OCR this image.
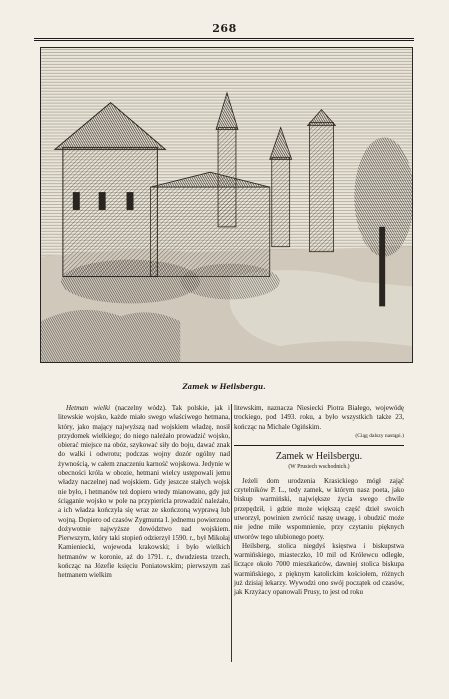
268
Zamek w Heilsbergu.

Hetman wielki (naczelny wódz). Tak polskie, jak i litewskie wojsko, każde miało swego właściwego hetmana, który, jako mający najwyższą nad wojskiem władzę, nosił przydomek wielkiego; do niego należało prowadzić wojsko, obierać miejsce na obóz, szykować siły do boju, dawać znak do walki i odwrotu; podczas wojny dozór ogólny nad żywnością, w całem znaczeniu karność wojskowa. Jedynie w obecności króla w obozie, hetmani wielcy ustępowali jemu władzy naczelnej nad wojskiem. Gdy jeszcze stałych wojsk nie było, i hetmanów też dopiero wtedy mianowano, gdy już ściąganie wojsko w pole na przypiericla prowadzić należało, a ich władza kończyła się wraz ze skończoną wyprawą lub wojną. Dopiero od czasów Zygmunta I. jednemu powierzono dożywotnie najwyższe dowództwo nad wojskiem. Pierwszym, który taki stopień odzierzył 1590. r., był Mikołaj Kamieniecki, wojewoda krakowski; i było wielkich hetmanów w koronie, aż do 1791. r., dwudziesta trzech, kończąc na Józefie księciu Poniatowskim; pierwszym zaś hetmanem wielkim

litewskim, naznacza Niesiecki Piotra Białego, wojewódę trockiego, pod 1493. roku, a było wszystkich także 23, kończąc na Michale Ogińskim.

(Ciąg dalszy nastąpi.)

Zamek w Heilsbergu.
(W Prusiech wschodnich.)

Jeżeli dom urodzenia Krasickiego mógł zająć czytelników P. L., tedy zamek, w którym nasz poeta, jako biskup warmiński, największe życia swego chwile przepędził, i gdzie może większą część dzieł swoich utworzył, powinien zwrócić naszę uwagę, i obudzić może nie jedne miłe wspomnienie, przy czytaniu pięknych utworów tego ulubionego poety.

Heilsberg, stolica niegdyś księstwa i biskupstwa warmińskiego, miasteczko, 10 mil od Królewcu odległe, liczące około 7000 mieszkańców, dawniej stolica biskupa warmińskiego, z pięknym katolickim kościołem, różnych już dzisiaj lekarzy. Wywodzi ono swój początek od czasów, jak Krzyżacy opanowali Prusy, to jest od roku
